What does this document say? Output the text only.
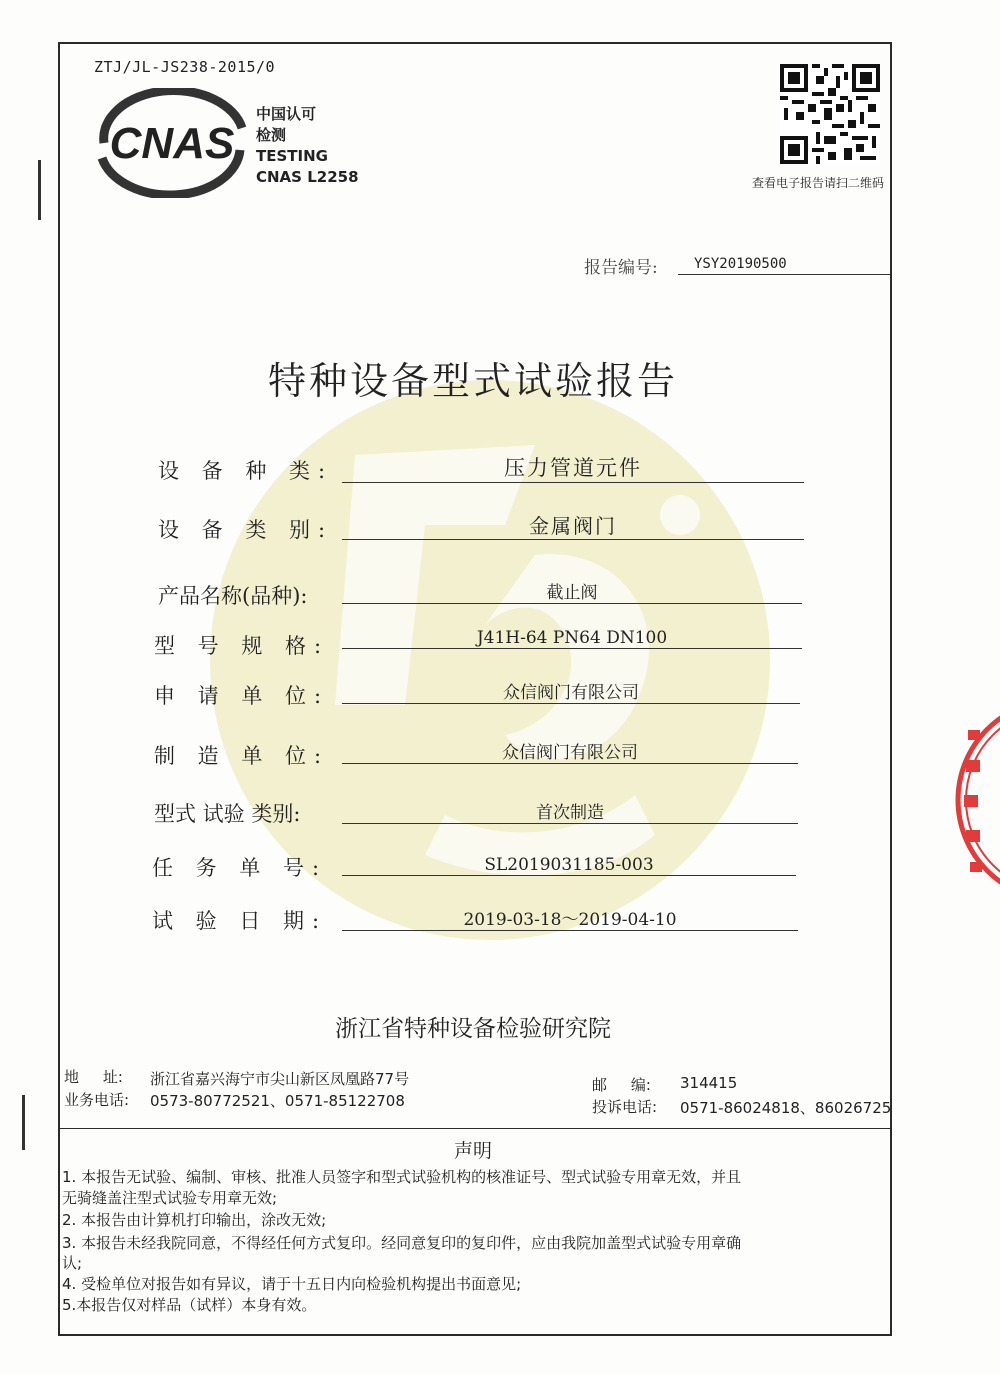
ZTJ/JL-JS238-2015/0
CNAS
中国认可
检测
TESTING
CNAS L2258	查看电子报告请扫二维码
报告编号:	YSY20190500
特种设备型式试验报告
设 备 种 类:	压力管道元件
设 备 类 别:	金属阀门
产品名称(品种):	截止阀
型 号 规 格:	J41H-64 PN64 DN100
申 请 单 位:	众信阀门有限公司
制 造 单 位:	众信阀门有限公司
型式 试验 类别:	首次制造
任 务 单 号:	SL2019031185-003
试 验 日 期:	2019-03-18～2019-04-10
浙江省特种设备检验研究院
地     址: 浙江省嘉兴海宁市尖山新区凤凰路77号
业务电话: 0573-80772521、0571-85122708
邮     编: 314415
投诉电话: 0571-86024818、86026725
声明
1. 本报告无试验、编制、审核、批准人员签字和型式试验机构的核准证号、型式试验专用章无效，并且
无骑缝盖注型式试验专用章无效;
2. 本报告由计算机打印输出，涂改无效;
3. 本报告未经我院同意，不得经任何方式复印。经同意复印的复印件，应由我院加盖型式试验专用章确
认;
4. 受检单位对报告如有异议，请于十五日内向检验机构提出书面意见;
5.本报告仅对样品（试样）本身有效。
